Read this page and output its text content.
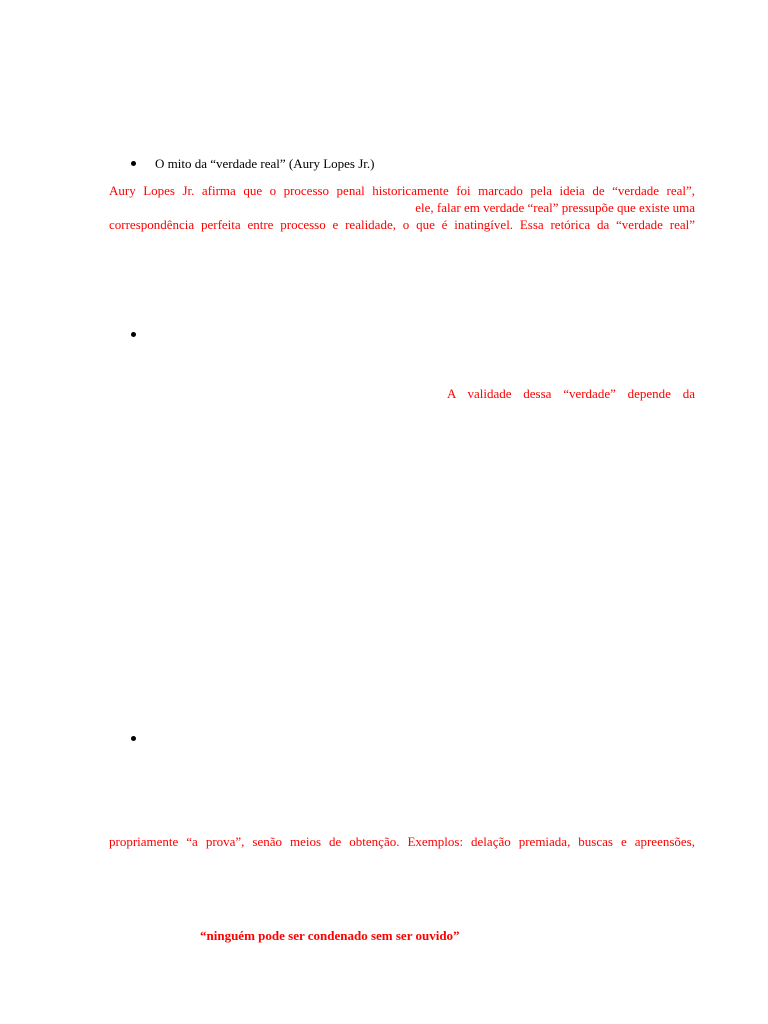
O mito da “verdade real” (Aury Lopes Jr.)
Aury Lopes Jr. afirma que o processo penal historicamente foi marcado pela ideia de “verdade real”,
ele, falar em verdade “real” pressupõe que existe uma
correspondência perfeita entre processo e realidade, o que é inatingível. Essa retórica da “verdade real”
A validade dessa “verdade” depende da
propriamente “a prova”, senão meios de obtenção. Exemplos: delação premiada, buscas e apreensões,
“ninguém pode ser condenado sem ser ouvido”
